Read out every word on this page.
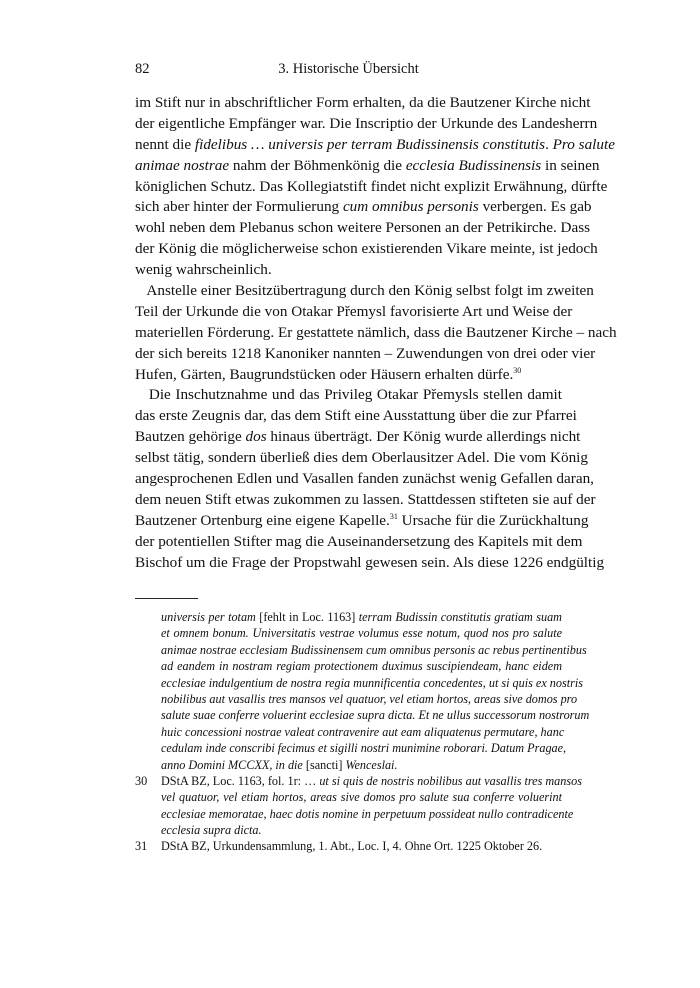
82	3. Historische Übersicht
im Stift nur in abschriftlicher Form erhalten, da die Bautzener Kirche nicht
der eigentliche Empfänger war. Die Inscriptio der Urkunde des Landesherrn
nennt die fidelibus … universis per terram Budissinensis constitutis. Pro salute
animae nostrae nahm der Böhmenkönig die ecclesia Budissinensis in seinen
königlichen Schutz. Das Kollegiatstift findet nicht explizit Erwähnung, dürfte
sich aber hinter der Formulierung cum omnibus personis verbergen. Es gab
wohl neben dem Plebanus schon weitere Personen an der Petrikirche. Dass
der König die möglicherweise schon existierenden Vikare meinte, ist jedoch
wenig wahrscheinlich.
Anstelle einer Besitzübertragung durch den König selbst folgt im zweiten
Teil der Urkunde die von Otakar Přemysl favorisierte Art und Weise der
materiellen Förderung. Er gestattete nämlich, dass die Bautzener Kirche – nach
der sich bereits 1218 Kanoniker nannten – Zuwendungen von drei oder vier
Hufen, Gärten, Baugrundstücken oder Häusern erhalten dürfe.$^{30}$
Die Inschutznahme und das Privileg Otakar Přemysls stellen damit
das erste Zeugnis dar, das dem Stift eine Ausstattung über die zur Pfarrei
Bautzen gehörige dos hinaus überträgt. Der König wurde allerdings nicht
selbst tätig, sondern überließ dies dem Oberlausitzer Adel. Die vom König
angesprochenen Edlen und Vasallen fanden zunächst wenig Gefallen daran,
dem neuen Stift etwas zukommen zu lassen. Stattdessen stifteten sie auf der
Bautzener Ortenburg eine eigene Kapelle.$^{31}$ Ursache für die Zurückhaltung
der potentiellen Stifter mag die Auseinandersetzung des Kapitels mit dem
Bischof um die Frage der Propstwahl gewesen sein. Als diese 1226 endgültig
universis per totam [fehlt in Loc. 1163] terram Budissin constitutis gratiam suam
et omnem bonum. Universitatis vestrae volumus esse notum, quod nos pro salute
animae nostrae ecclesiam Budissinensem cum omnibus personis ac rebus pertinentibus
ad eandem in nostram regiam protectionem duximus suscipiendeam, hanc eidem
ecclesiae indulgentium de nostra regia munnificentia concedentes, ut si quis ex nostris
nobilibus aut vasallis tres mansos vel quatuor, vel etiam hortos, areas sive domos pro
salute suae conferre voluerint ecclesiae supra dicta. Et ne ullus successorum nostrorum
huic concessioni nostrae valeat contravenire aut eam aliquatenus permutare, hanc
cedulam inde conscribi fecimus et sigilli nostri munimine roborari. Datum Pragae,
anno Domini MCCXX, in die [sancti] Wenceslai.
30 DStA BZ, Loc. 1163, fol. 1r: … ut si quis de nostris nobilibus aut vasallis tres mansos
vel quatuor, vel etiam hortos, areas sive domos pro salute sua conferre voluerint
ecclesiae memoratae, haec dotis nomine in perpetuum possideat nullo contradicente
ecclesia supra dicta.
31 DStA BZ, Urkundensammlung, 1. Abt., Loc. I, 4. Ohne Ort. 1225 Oktober 26.
